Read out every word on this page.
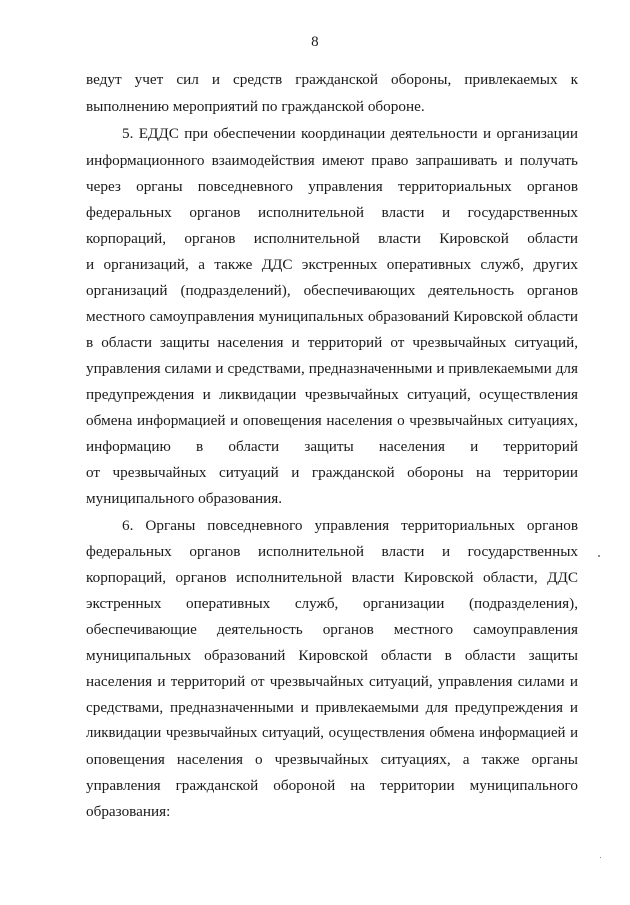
8
ведут учет сил и средств гражданской обороны, привлекаемых к
выполнению мероприятий по гражданской обороне.
5. ЕДДС при обеспечении координации деятельности и организации
информационного взаимодействия имеют право запрашивать и получать
через органы повседневного управления территориальных органов
федеральных органов исполнительной власти и государственных
корпораций, органов исполнительной власти Кировской области
и организаций, а также ДДС экстренных оперативных служб, других
организаций (подразделений), обеспечивающих деятельность органов
местного самоуправления муниципальных образований Кировской области
в области защиты населения и территорий от чрезвычайных ситуаций,
управления силами и средствами, предназначенными и привлекаемыми для
предупреждения и ликвидации чрезвычайных ситуаций, осуществления
обмена информацией и оповещения населения о чрезвычайных ситуациях,
информацию в области защиты населения и территорий
от чрезвычайных ситуаций и гражданской обороны на территории
муниципального образования.
6. Органы повседневного управления территориальных органов
федеральных органов исполнительной власти и государственных
корпораций, органов исполнительной власти Кировской области, ДДС
экстренных оперативных служб, организации (подразделения),
обеспечивающие деятельность органов местного самоуправления
муниципальных образований Кировской области в области защиты
населения и территорий от чрезвычайных ситуаций, управления силами и
средствами, предназначенными и привлекаемыми для предупреждения и
ликвидации чрезвычайных ситуаций, осуществления обмена информацией и
оповещения населения о чрезвычайных ситуациях, а также органы
управления гражданской обороной на территории муниципального
образования:
